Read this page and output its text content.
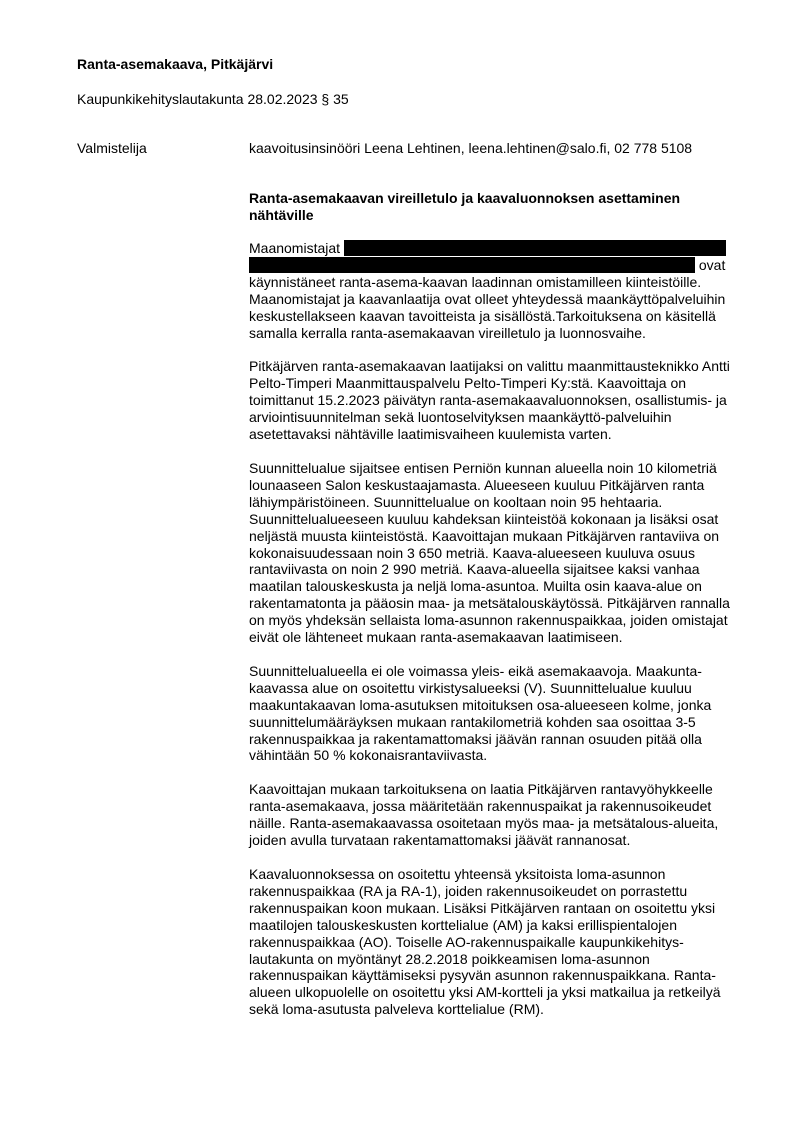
Ranta-asemakaava, Pitkäjärvi
Kaupunkikehityslautakunta 28.02.2023 § 35
Valmistelija	kaavoitusinsinööri Leena Lehtinen, leena.lehtinen@salo.fi, 02 778 5108
Ranta-asemakaavan vireilletulo ja kaavaluonnoksen asettaminen nähtäville

Maanomistajat
ovat käynnistäneet ranta-asema-kaavan laadinnan omistamilleen kiinteistöille. Maanomistajat ja kaavanlaatija ovat olleet yhteydessä maankäyttöpalveluihin keskustellakseen kaavan tavoitteista ja sisällöstä.Tarkoituksena on käsitellä samalla kerralla ranta-asemakaavan vireilletulo ja luonnosvaihe.

Pitkäjärven ranta-asemakaavan laatijaksi on valittu maanmittausteknikko Antti Pelto-Timperi Maanmittauspalvelu Pelto-Timperi Ky:stä. Kaavoittaja on toimittanut 15.2.2023 päivätyn ranta-asemakaavaluonnoksen, osallistumis- ja arviointisuunnitelman sekä luontoselvityksen maankäyttö-palveluihin asetettavaksi nähtäville laatimisvaiheen kuulemista varten.

Suunnittelualue sijaitsee entisen Perniön kunnan alueella noin 10 kilometriä lounaaseen Salon keskustaajamasta. Alueeseen kuuluu Pitkäjärven ranta lähiympäristöineen. Suunnittelualue on kooltaan noin 95 hehtaaria. Suunnittelualueeseen kuuluu kahdeksan kiinteistöä kokonaan ja lisäksi osat neljästä muusta kiinteistöstä. Kaavoittajan mukaan Pitkäjärven rantaviiva on kokonaisuudessaan noin 3 650 metriä. Kaava-alueeseen kuuluva osuus rantaviivasta on noin 2 990 metriä. Kaava-alueella sijaitsee kaksi vanhaa maatilan talouskeskusta ja neljä loma-asuntoa. Muilta osin kaava-alue on rakentamatonta ja pääosin maa- ja metsätalouskäytössä. Pitkäjärven rannalla on myös yhdeksän sellaista loma-asunnon rakennuspaikkaa, joiden omistajat eivät ole lähteneet mukaan ranta-asemakaavan laatimiseen.

Suunnittelualueella ei ole voimassa yleis- eikä asemakaavoja. Maakunta-kaavassa alue on osoitettu virkistysalueeksi (V). Suunnittelualue kuuluu maakuntakaavan loma-asutuksen mitoituksen osa-alueeseen kolme, jonka suunnittelumääräyksen mukaan rantakilometriä kohden saa osoittaa 3-5 rakennuspaikkaa ja rakentamattomaksi jäävän rannan osuuden pitää olla vähintään 50 % kokonaisrantaviivasta.

Kaavoittajan mukaan tarkoituksena on laatia Pitkäjärven rantavyöhykkeelle ranta-asemakaava, jossa määritetään rakennuspaikat ja rakennusoikeudet näille. Ranta-asemakaavassa osoitetaan myös maa- ja metsätalous-alueita, joiden avulla turvataan rakentamattomaksi jäävät rannanosat.

Kaavaluonnoksessa on osoitettu yhteensä yksitoista loma-asunnon rakennuspaikkaa (RA ja RA-1), joiden rakennusoikeudet on porrastettu rakennuspaikan koon mukaan. Lisäksi Pitkäjärven rantaan on osoitettu yksi maatilojen talouskeskusten korttelialue (AM) ja kaksi erillispientalojen rakennuspaikkaa (AO). Toiselle AO-rakennuspaikalle kaupunkikehitys-lautakunta on myöntänyt 28.2.2018 poikkeamisen loma-asunnon rakennuspaikan käyttämiseksi pysyvän asunnon rakennuspaikkana. Ranta-alueen ulkopuolelle on osoitettu yksi AM-kortteli ja yksi matkailua ja retkeilyä sekä loma-asutusta palveleva korttelialue (RM).
